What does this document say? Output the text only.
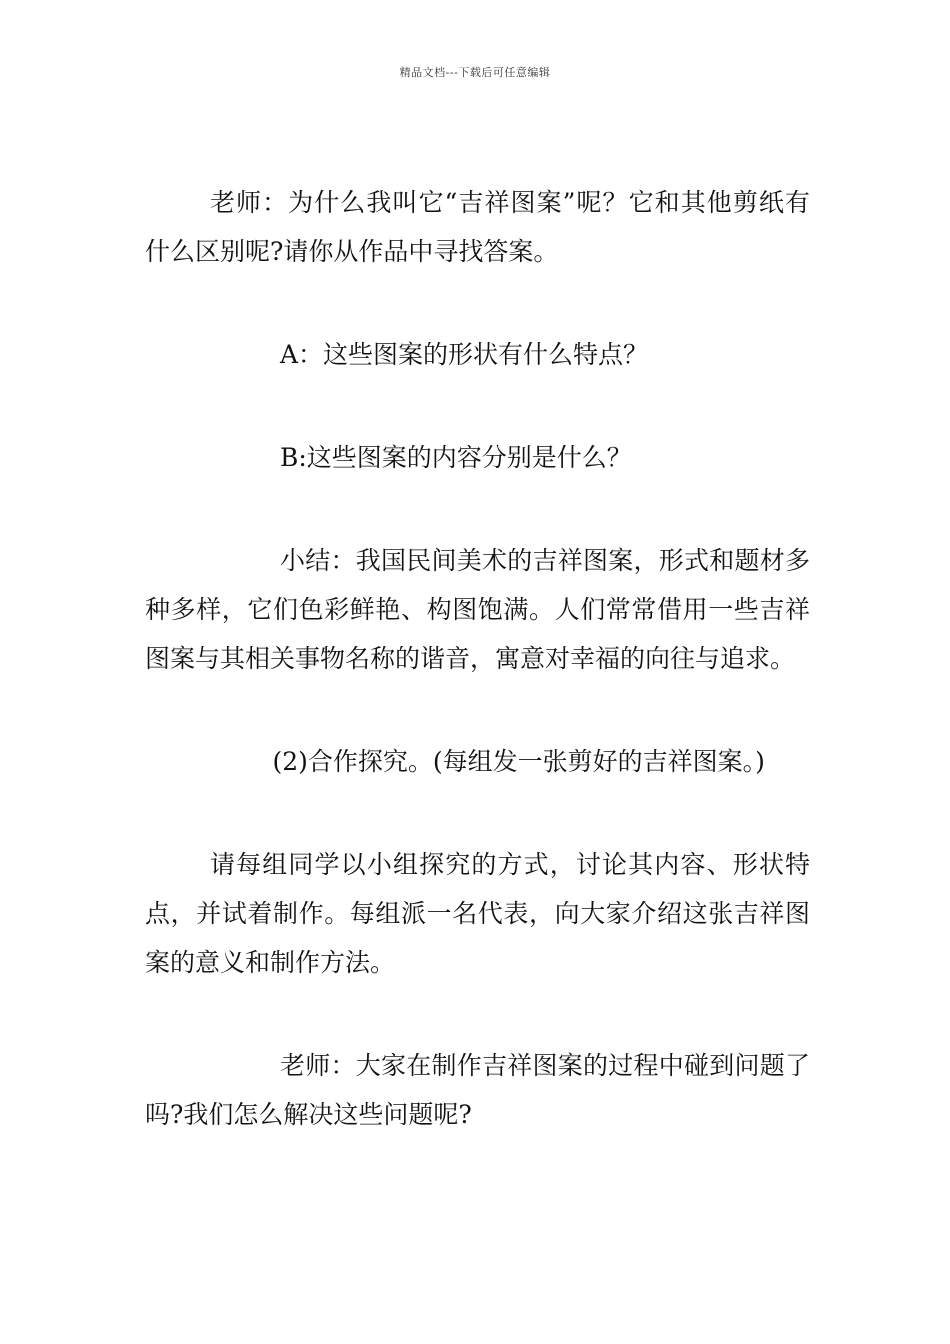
精品文档---下载后可任意编辑

老师：为什么我叫它“吉祥图案”呢？它和其他剪纸有什么区别呢?请你从作品中寻找答案。

A：这些图案的形状有什么特点？

B:这些图案的内容分别是什么？

小结：我国民间美术的吉祥图案，形式和题材多种多样，它们色彩鲜艳、构图饱满。人们常常借用一些吉祥图案与其相关事物名称的谐音，寓意对幸福的向往与追求。

(2)合作探究。(每组发一张剪好的吉祥图案。)

请每组同学以小组探究的方式，讨论其内容、形状特点，并试着制作。每组派一名代表，向大家介绍这张吉祥图案的意义和制作方法。

老师：大家在制作吉祥图案的过程中碰到问题了吗?我们怎么解决这些问题呢?
